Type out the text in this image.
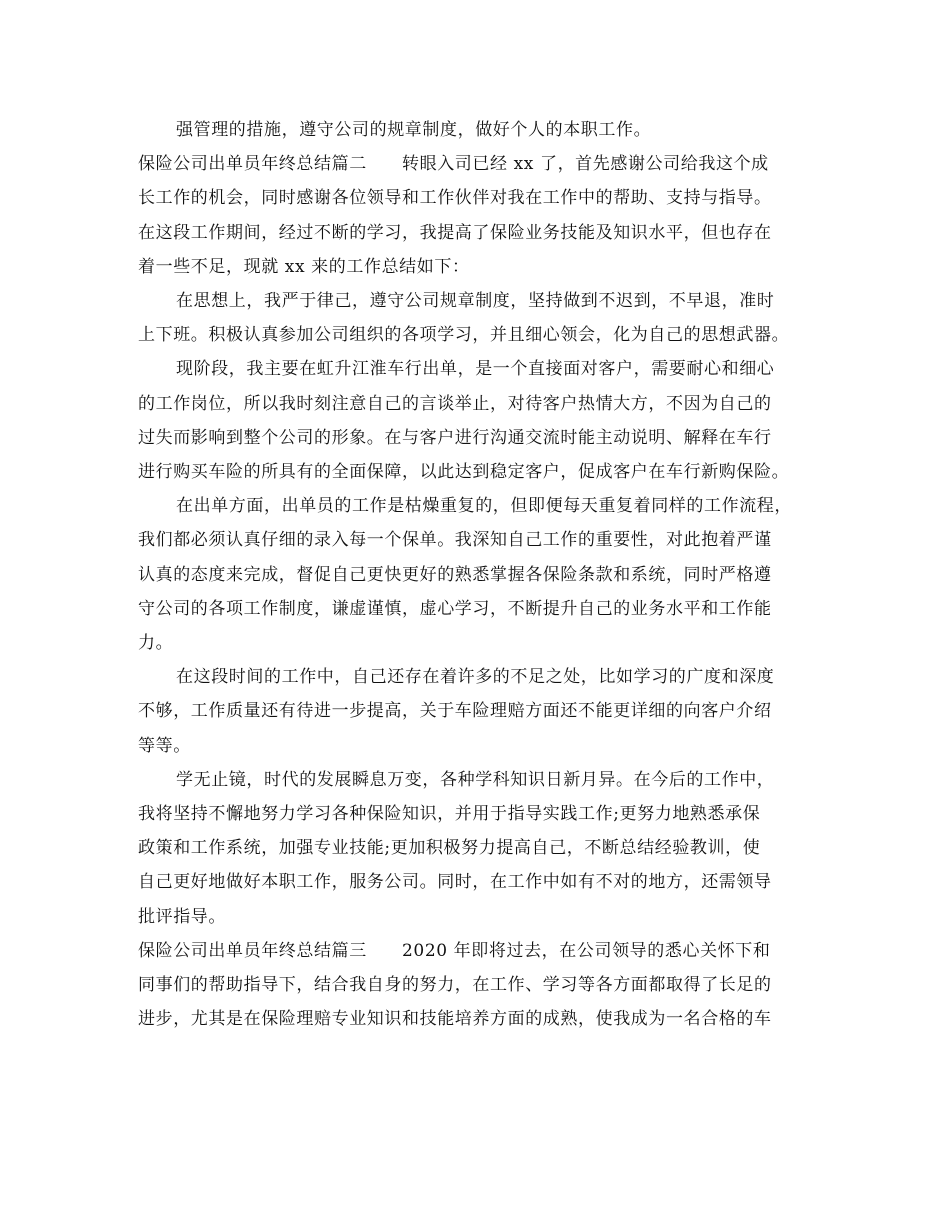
强管理的措施，遵守公司的规章制度，做好个人的本职工作。
保险公司出单员年终总结篇二　　转眼入司已经 xx 了，首先感谢公司给我这个成
长工作的机会，同时感谢各位领导和工作伙伴对我在工作中的帮助、支持与指导。
在这段工作期间，经过不断的学习，我提高了保险业务技能及知识水平，但也存在
着一些不足，现就 xx 来的工作总结如下：
在思想上，我严于律己，遵守公司规章制度，坚持做到不迟到，不早退，准时
上下班。积极认真参加公司组织的各项学习，并且细心领会，化为自己的思想武器。
现阶段，我主要在虹升江淮车行出单，是一个直接面对客户，需要耐心和细心
的工作岗位，所以我时刻注意自己的言谈举止，对待客户热情大方，不因为自己的
过失而影响到整个公司的形象。在与客户进行沟通交流时能主动说明、解释在车行
进行购买车险的所具有的全面保障，以此达到稳定客户，促成客户在车行新购保险。
在出单方面，出单员的工作是枯燥重复的，但即便每天重复着同样的工作流程，
我们都必须认真仔细的录入每一个保单。我深知自己工作的重要性，对此抱着严谨
认真的态度来完成，督促自己更快更好的熟悉掌握各保险条款和系统，同时严格遵
守公司的各项工作制度，谦虚谨慎，虚心学习，不断提升自己的业务水平和工作能
力。
在这段时间的工作中，自己还存在着许多的不足之处，比如学习的广度和深度
不够，工作质量还有待进一步提高，关于车险理赔方面还不能更详细的向客户介绍
等等。
学无止镜，时代的发展瞬息万变，各种学科知识日新月异。在今后的工作中，
我将坚持不懈地努力学习各种保险知识，并用于指导实践工作;更努力地熟悉承保
政策和工作系统，加强专业技能;更加积极努力提高自己，不断总结经验教训，使
自己更好地做好本职工作，服务公司。同时，在工作中如有不对的地方，还需领导
批评指导。
保险公司出单员年终总结篇三　　2020 年即将过去，在公司领导的悉心关怀下和
同事们的帮助指导下，结合我自身的努力，在工作、学习等各方面都取得了长足的
进步，尤其是在保险理赔专业知识和技能培养方面的成熟，使我成为一名合格的车
